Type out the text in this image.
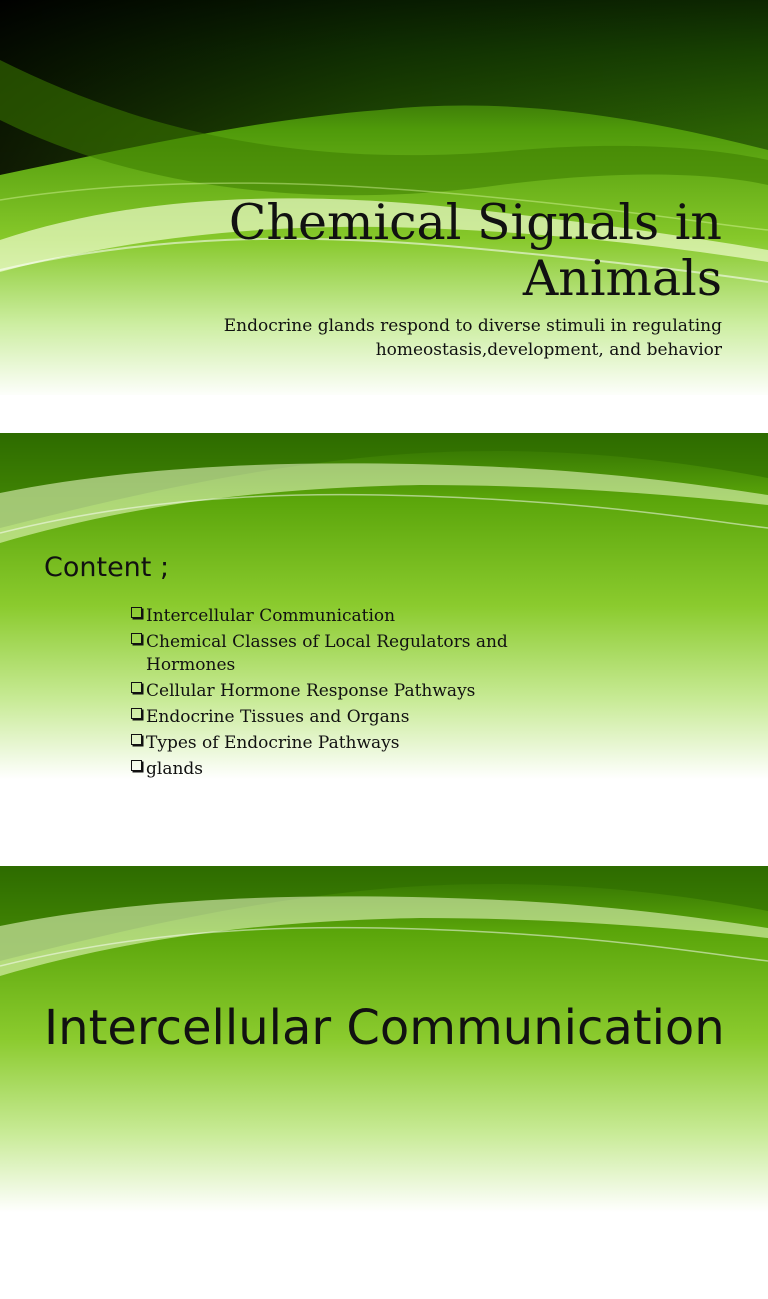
Chemical Signals in Animals
Endocrine glands respond to diverse stimuli in regulating homeostasis,development, and behavior
Content ;
Intercellular Communication
Chemical Classes of Local Regulators and Hormones
Cellular Hormone Response Pathways
Endocrine Tissues and Organs
Types of Endocrine Pathways
glands
Intercellular Communication
